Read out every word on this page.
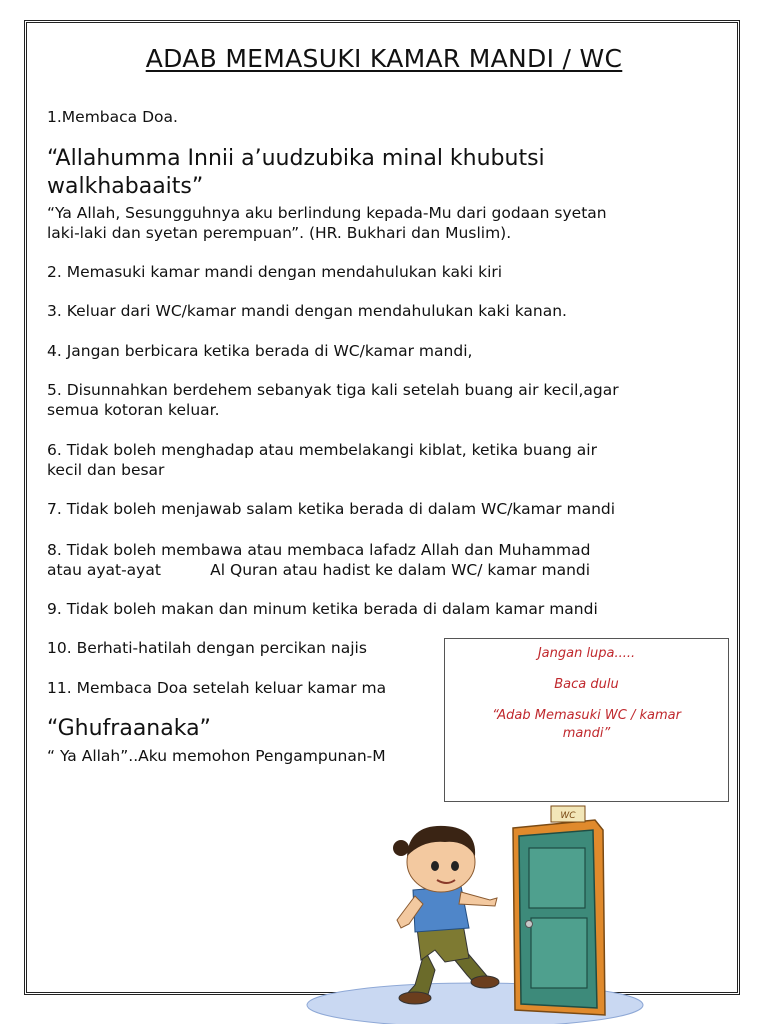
ADAB MEMASUKI KAMAR MANDI / WC

1.Membaca Doa.

“Allahumma Innii a’uudzubika minal khubutsi

walkhabaaits”

“Ya Allah, Sesungguhnya aku berlindung kepada-Mu dari godaan syetan

laki-laki dan syetan perempuan”. (HR. Bukhari dan Muslim).

2. Memasuki kamar mandi dengan mendahulukan kaki kiri

3. Keluar dari WC/kamar mandi dengan mendahulukan kaki kanan.

4. Jangan berbicara ketika berada di WC/kamar mandi,

5. Disunnahkan berdehem sebanyak tiga kali setelah buang air kecil,agar

semua kotoran keluar.

6. Tidak boleh menghadap atau membelakangi kiblat, ketika buang air

kecil dan besar

7. Tidak boleh menjawab salam ketika berada di dalam WC/kamar mandi

8. Tidak boleh membawa atau membaca lafadz Allah dan Muhammad

atau ayat-ayat          Al Quran atau hadist ke dalam WC/ kamar mandi

9. Tidak boleh makan dan minum ketika berada di dalam kamar mandi

10. Berhati-hatilah dengan percikan najis

11. Membaca Doa setelah keluar kamar ma

“Ghufraanaka”

“ Ya Allah”..Aku memohon Pengampunan-M

Jangan lupa.....
Baca dulu
“Adab Memasuki WC / kamar
mandi”
WC
